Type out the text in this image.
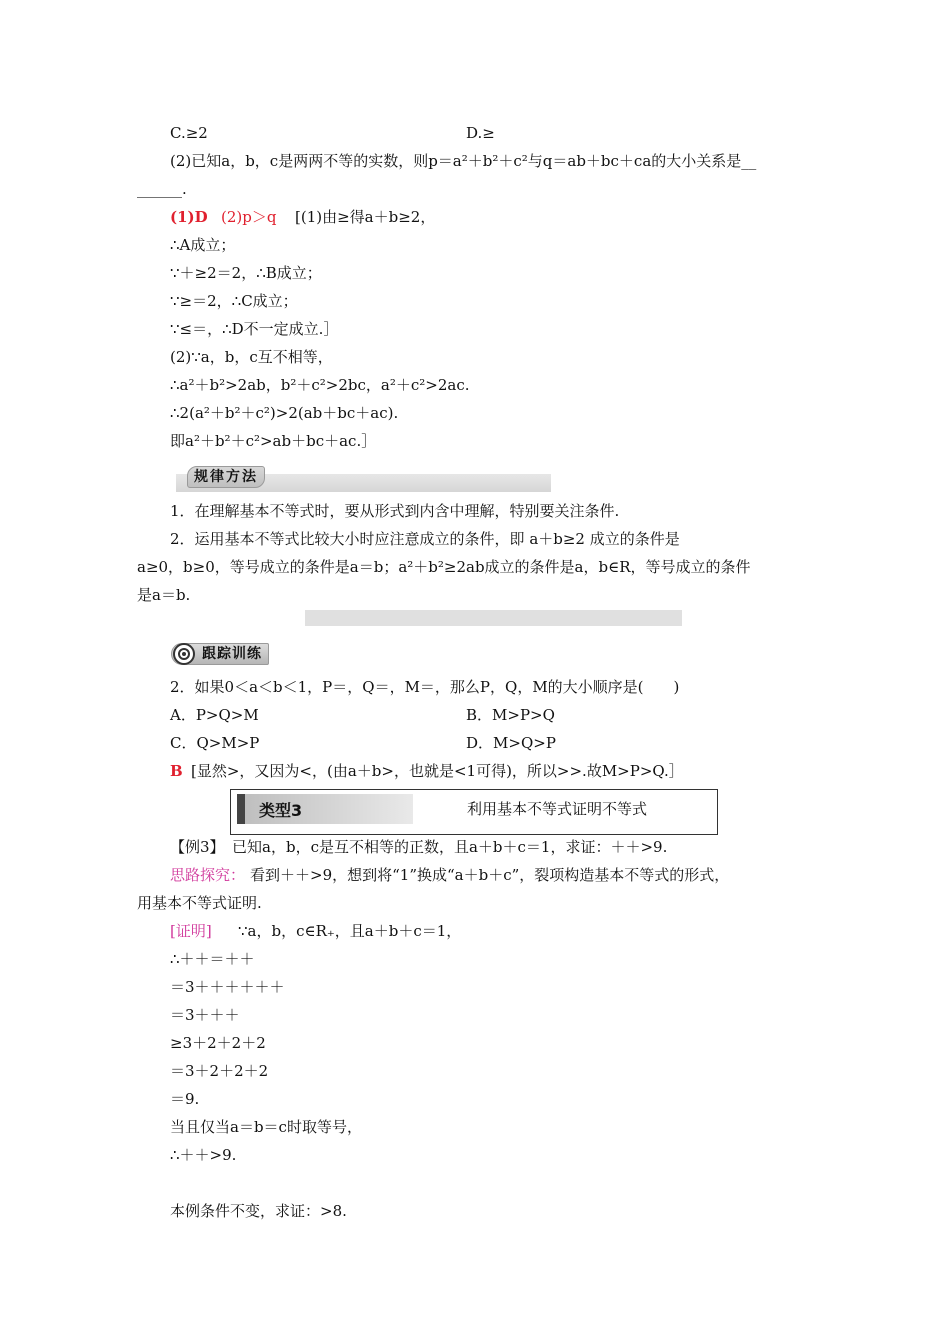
C.≥2	D.≥
(2)已知a，b，c是两两不等的实数，则p＝a²＋b²＋c²与q＝ab＋bc＋ca的大小关系是__
______.
(1)D (2)p＞q [(1)由≥得a＋b≥2，
∴A成立；
∵＋≥2＝2，∴B成立；
∵≥＝2，∴C成立；
∵≤＝，∴D不一定成立.］
(2)∵a，b，c互不相等，
∴a²＋b²>2ab，b²＋c²>2bc，a²＋c²>2ac.
∴2(a²＋b²＋c²)>2(ab＋bc＋ac).
即a²＋b²＋c²>ab＋bc＋ac.］
规律方法
1．在理解基本不等式时，要从形式到内含中理解，特别要关注条件.
2．运用基本不等式比较大小时应注意成立的条件，即 a＋b≥2 成立的条件是
a≥0，b≥0，等号成立的条件是a＝b；a²＋b²≥2ab成立的条件是a，b∈R，等号成立的条件
是a＝b.
跟踪训练
2．如果0＜a＜b＜1，P＝，Q＝，M＝，那么P，Q，M的大小顺序是(　　)
A．P>Q>M	B．M>P>Q
C．Q>M>P	D．M>Q>P
B [显然>，又因为<，(由a＋b>，也就是<1可得)，所以>>.故M>P>Q.］
类型3	利用基本不等式证明不等式
【例3】　已知a，b，c是互不相等的正数，且a＋b＋c＝1，求证：＋＋>9.
思路探究： 看到＋＋>9，想到将“1”换成“a＋b＋c”，裂项构造基本不等式的形式，
用基本不等式证明.
[证明] ∵a，b，c∈R₊，且a＋b＋c＝1，
∴＋＋＝＋＋
＝3＋＋＋＋＋＋
＝3＋＋＋
≥3＋2＋2＋2
＝3＋2＋2＋2
＝9.
当且仅当a＝b＝c时取等号，
∴＋＋>9.
本例条件不变，求证：>8.
